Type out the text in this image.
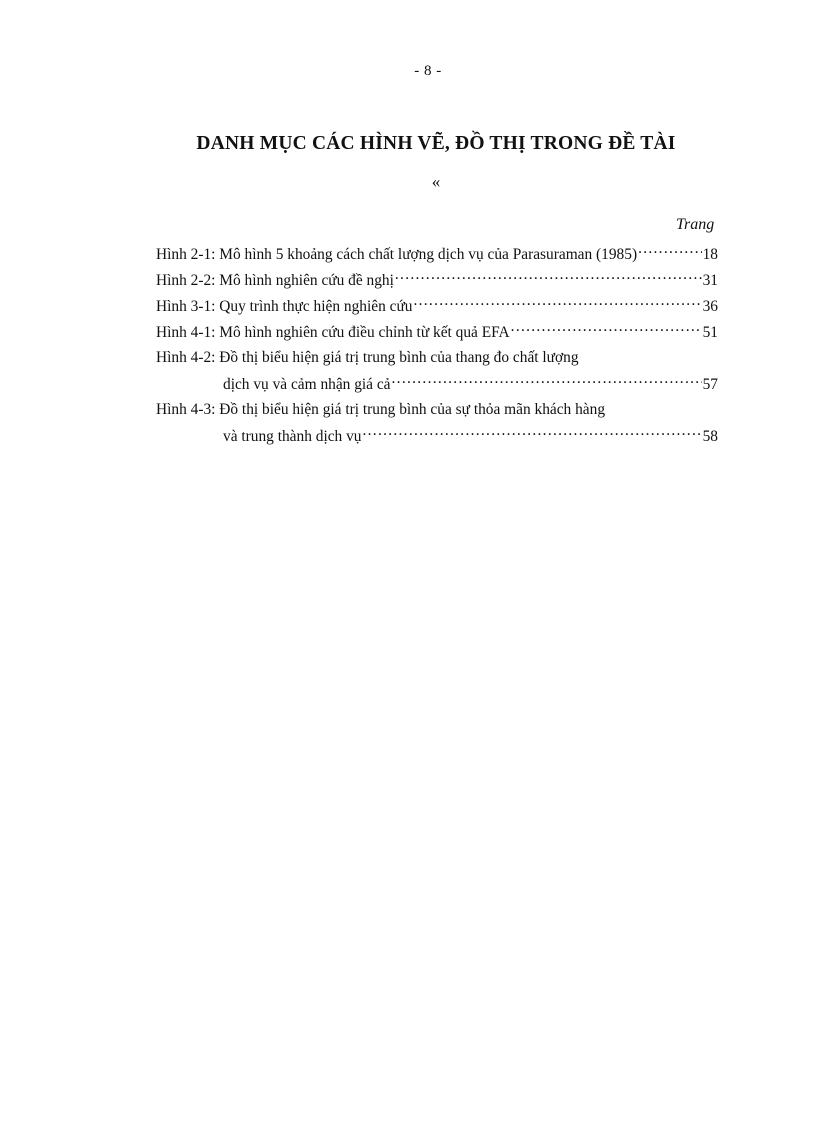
- 8 -
DANH MỤC CÁC HÌNH VẼ, ĐỒ THỊ TRONG ĐỀ TÀI
«
Trang
Hình 2-1: Mô hình 5 khoảng cách chất lượng dịch vụ của Parasuraman (1985) .....	18
Hình 2-2: Mô hình nghiên cứu đề nghị .....	31
Hình 3-1: Quy trình thực hiện nghiên cứu .....	36
Hình 4-1: Mô hình nghiên cứu điều chỉnh từ kết quả EFA .....	51
Hình 4-2: Đồ thị biểu hiện giá trị trung bình của thang đo chất lượng
dịch vụ và cảm nhận giá cả .....	57
Hình 4-3: Đồ thị biểu hiện giá trị trung bình của sự thỏa mãn khách hàng
và trung thành dịch vụ .....	58
